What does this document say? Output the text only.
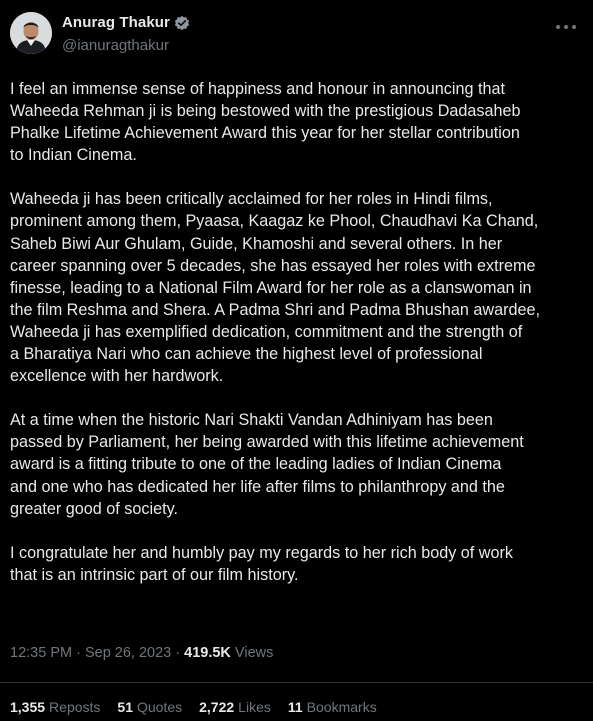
Anurag Thakur
@ianuragthakur

I feel an immense sense of happiness and honour in announcing that
Waheeda Rehman ji is being bestowed with the prestigious Dadasaheb
Phalke Lifetime Achievement Award this year for her stellar contribution
to Indian Cinema.

Waheeda ji has been critically acclaimed for her roles in Hindi films,
prominent among them, Pyaasa, Kaagaz ke Phool, Chaudhavi Ka Chand,
Saheb Biwi Aur Ghulam, Guide, Khamoshi and several others. In her
career spanning over 5 decades, she has essayed her roles with extreme
finesse, leading to a National Film Award for her role as a clanswoman in
the film Reshma and Shera. A Padma Shri and Padma Bhushan awardee,
Waheeda ji has exemplified dedication, commitment and the strength of
a Bharatiya Nari who can achieve the highest level of professional
excellence with her hardwork.

At a time when the historic Nari Shakti Vandan Adhiniyam has been
passed by Parliament, her being awarded with this lifetime achievement
award is a fitting tribute to one of the leading ladies of Indian Cinema
and one who has dedicated her life after films to philanthropy and the
greater good of society.

I congratulate her and humbly pay my regards to her rich body of work
that is an intrinsic part of our film history.

12:35 PM · Sep 26, 2023 · 419.5K Views
1,355 Reposts 51 Quotes 2,722 Likes 11 Bookmarks
